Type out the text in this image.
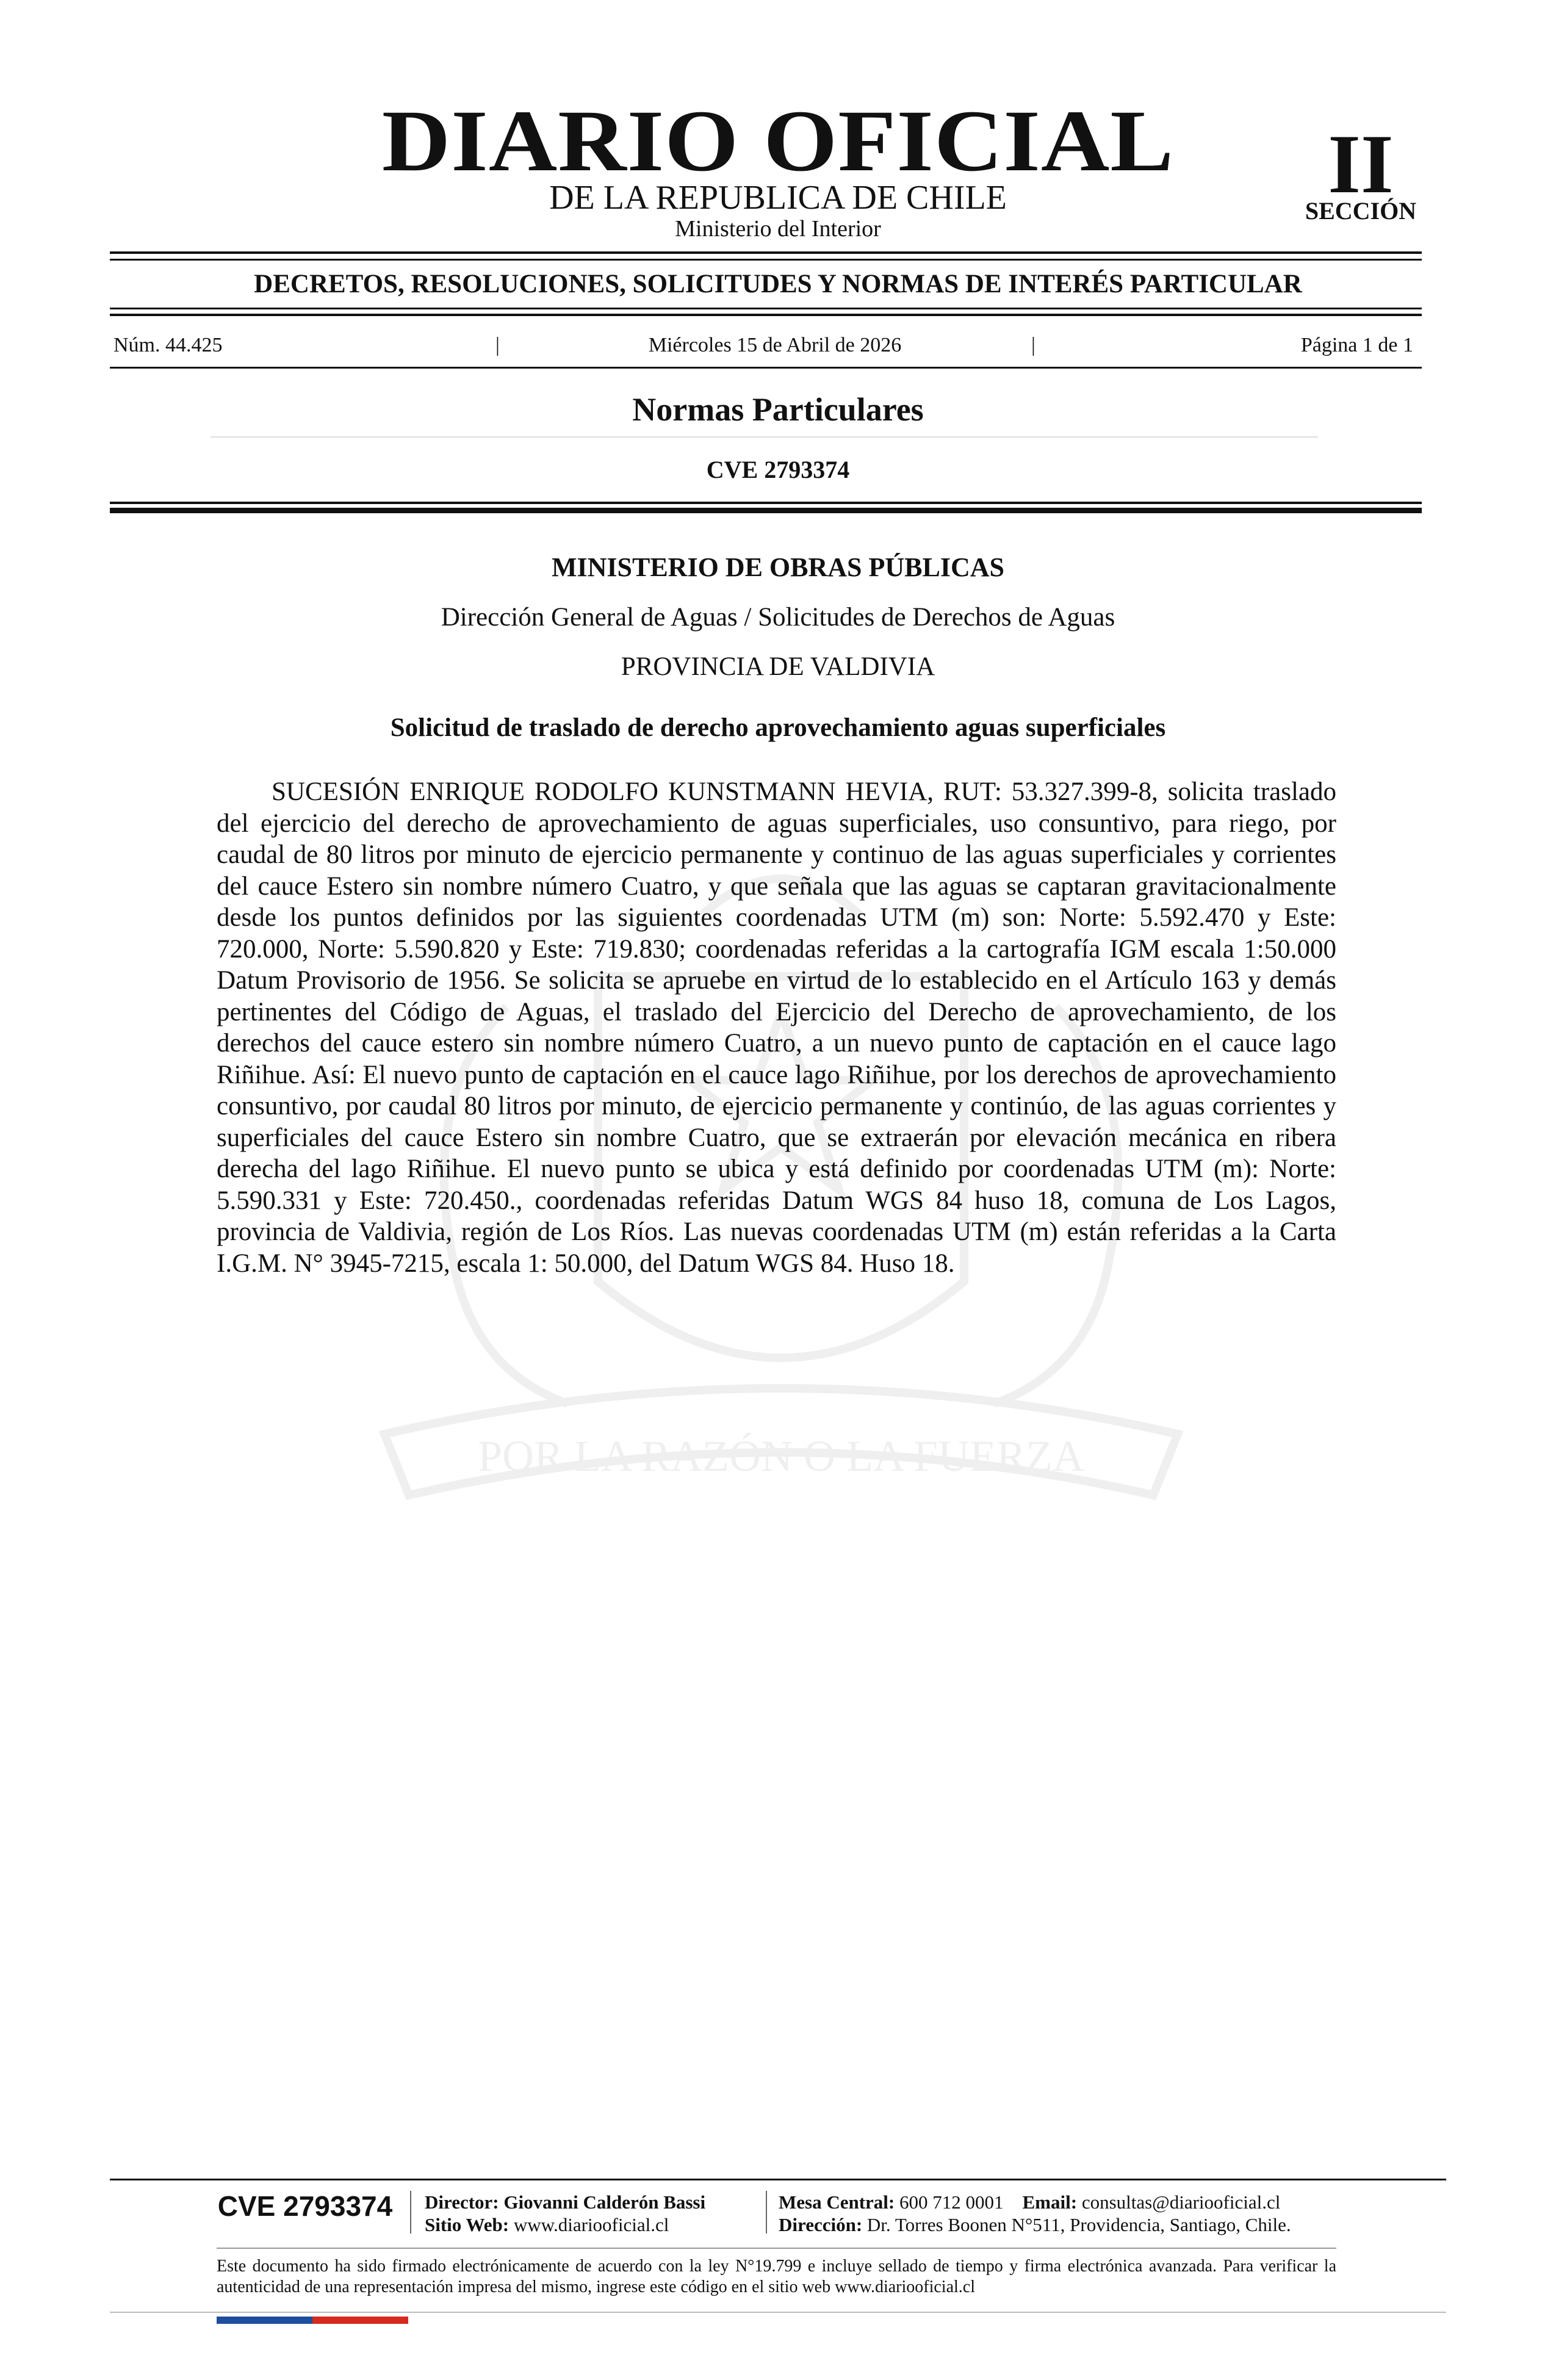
POR LA RAZÓN O LA FUERZA
DIARIO OFICIAL
DE LA REPUBLICA DE CHILE
Ministerio del Interior
II
SECCIÓN
DECRETOS, RESOLUCIONES, SOLICITUDES Y NORMAS DE INTERÉS PARTICULAR
Núm. 44.425	|	Miércoles 15 de Abril de 2026	|	Página 1 de 1
Normas Particulares
CVE 2793374
MINISTERIO DE OBRAS PÚBLICAS
Dirección General de Aguas / Solicitudes de Derechos de Aguas
PROVINCIA DE VALDIVIA
Solicitud de traslado de derecho aprovechamiento aguas superficiales
SUCESIÓN ENRIQUE RODOLFO KUNSTMANN HEVIA, RUT: 53.327.399-8, solicita traslado del ejercicio del derecho de aprovechamiento de aguas superficiales, uso consuntivo, para riego, por caudal de 80 litros por minuto de ejercicio permanente y continuo de las aguas superficiales y corrientes del cauce Estero sin nombre número Cuatro, y que señala que las aguas se captaran gravitacionalmente desde los puntos definidos por las siguientes coordenadas UTM (m) son: Norte: 5.592.470 y Este: 720.000, Norte: 5.590.820 y Este: 719.830; coordenadas referidas a la cartografía IGM escala 1:50.000 Datum Provisorio de 1956. Se solicita se apruebe en virtud de lo establecido en el Artículo 163 y demás pertinentes del Código de Aguas, el traslado del Ejercicio del Derecho de aprovechamiento, de los derechos del cauce estero sin nombre número Cuatro, a un nuevo punto de captación en el cauce lago Riñihue. Así: El nuevo punto de captación en el cauce lago Riñihue, por los derechos de aprovechamiento consuntivo, por caudal 80 litros por minuto, de ejercicio permanente y continúo, de las aguas corrientes y superficiales del cauce Estero sin nombre Cuatro, que se extraerán por elevación mecánica en ribera derecha del lago Riñihue. El nuevo punto se ubica y está definido por coordenadas UTM (m): Norte: 5.590.331 y Este: 720.450., coordenadas referidas Datum WGS 84 huso 18, comuna de Los Lagos, provincia de Valdivia, región de Los Ríos. Las nuevas coordenadas UTM (m) están referidas a la Carta I.G.M. N° 3945-7215, escala 1: 50.000, del Datum WGS 84. Huso 18.
CVE 2793374	Director: Giovanni Calderón Bassi
Sitio Web: www.diariooficial.cl
Mesa Central: 600 712 0001 Email: consultas@diariooficial.cl
Dirección: Dr. Torres Boonen N°511, Providencia, Santiago, Chile.
Este documento ha sido firmado electrónicamente de acuerdo con la ley N°19.799 e incluye sellado de tiempo y firma electrónica avanzada. Para verificar la autenticidad de una representación impresa del mismo, ingrese este código en el sitio web www.diariooficial.cl
